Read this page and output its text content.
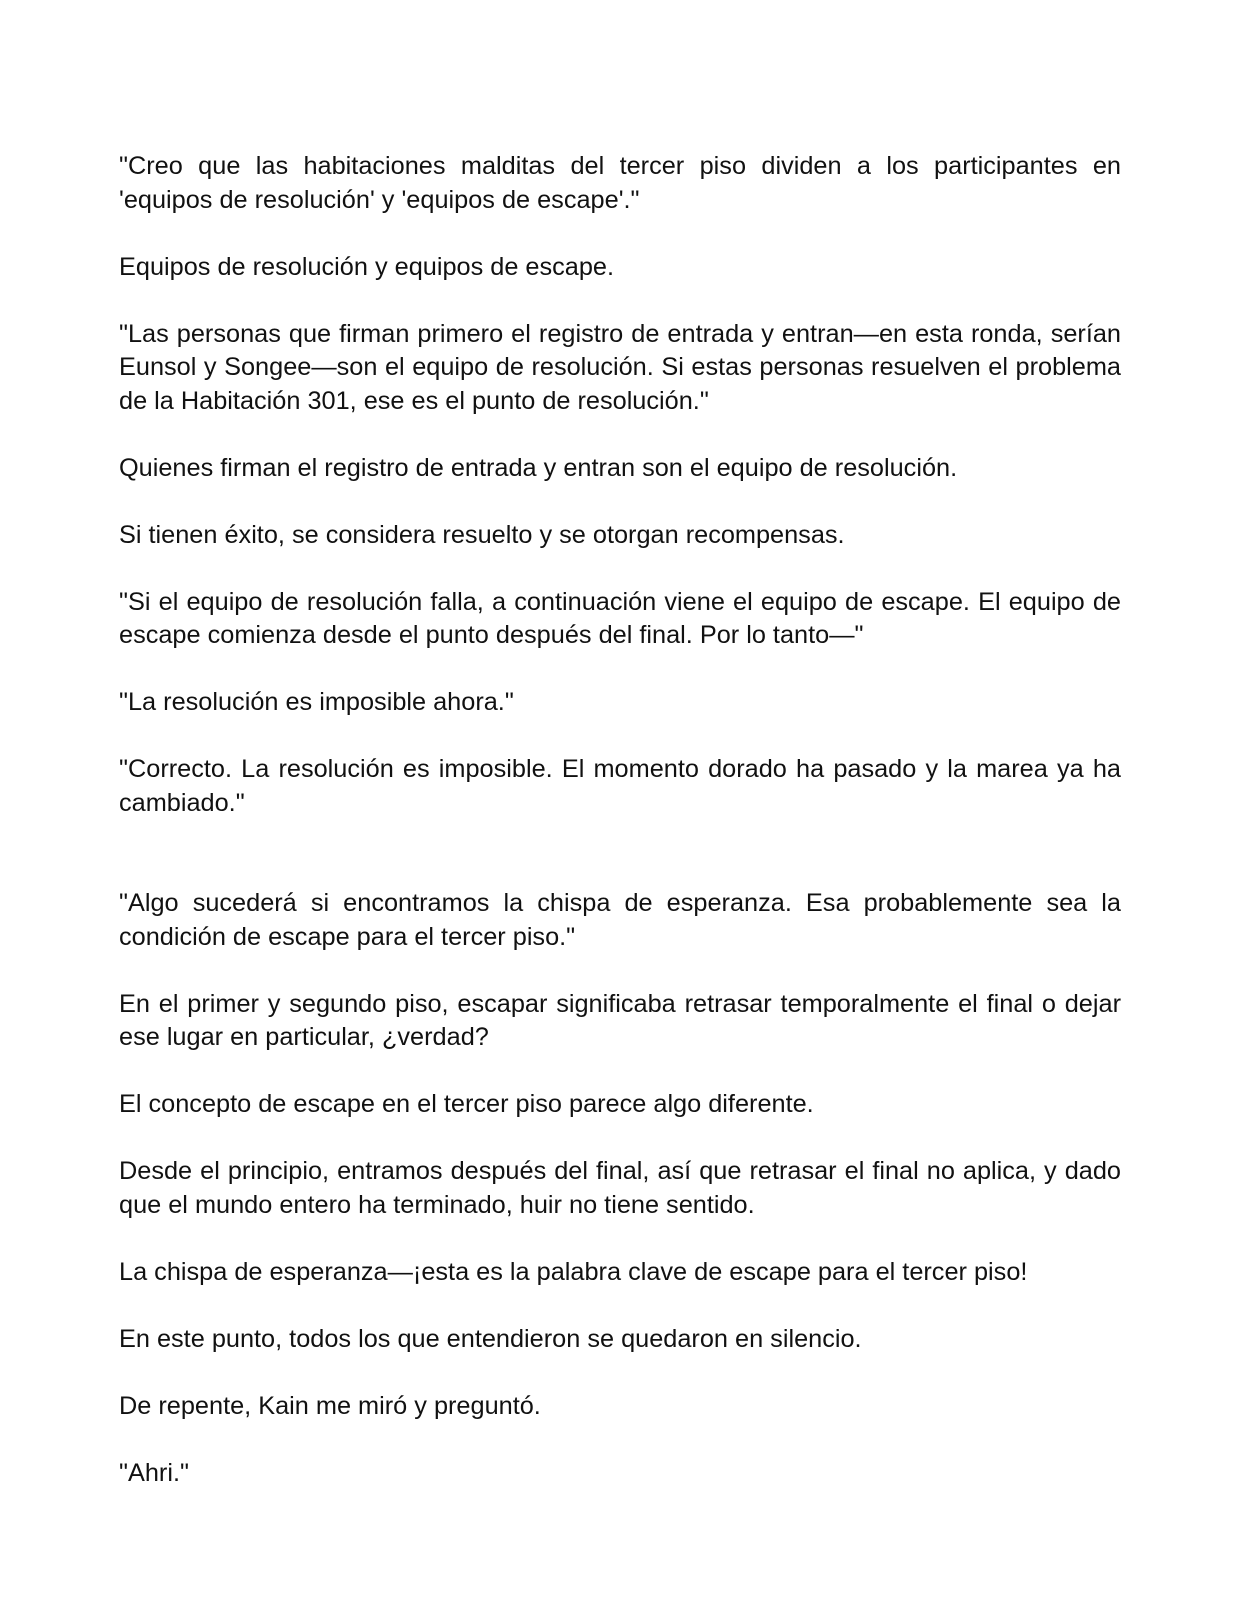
"Creo que las habitaciones malditas del tercer piso dividen a los participantes en 'equipos de resolución' y 'equipos de escape'."

Equipos de resolución y equipos de escape.

"Las personas que firman primero el registro de entrada y entran—en esta ronda, serían Eunsol y Songee—son el equipo de resolución. Si estas personas resuelven el problema de la Habitación 301, ese es el punto de resolución."

Quienes firman el registro de entrada y entran son el equipo de resolución.

Si tienen éxito, se considera resuelto y se otorgan recompensas.

"Si el equipo de resolución falla, a continuación viene el equipo de escape. El equipo de escape comienza desde el punto después del final. Por lo tanto—"

"La resolución es imposible ahora."

"Correcto. La resolución es imposible. El momento dorado ha pasado y la marea ya ha cambiado."

"Algo sucederá si encontramos la chispa de esperanza. Esa probablemente sea la condición de escape para el tercer piso."

En el primer y segundo piso, escapar significaba retrasar temporalmente el final o dejar ese lugar en particular, ¿verdad?

El concepto de escape en el tercer piso parece algo diferente.

Desde el principio, entramos después del final, así que retrasar el final no aplica, y dado que el mundo entero ha terminado, huir no tiene sentido.

La chispa de esperanza—¡esta es la palabra clave de escape para el tercer piso!

En este punto, todos los que entendieron se quedaron en silencio.

De repente, Kain me miró y preguntó.

"Ahri."
